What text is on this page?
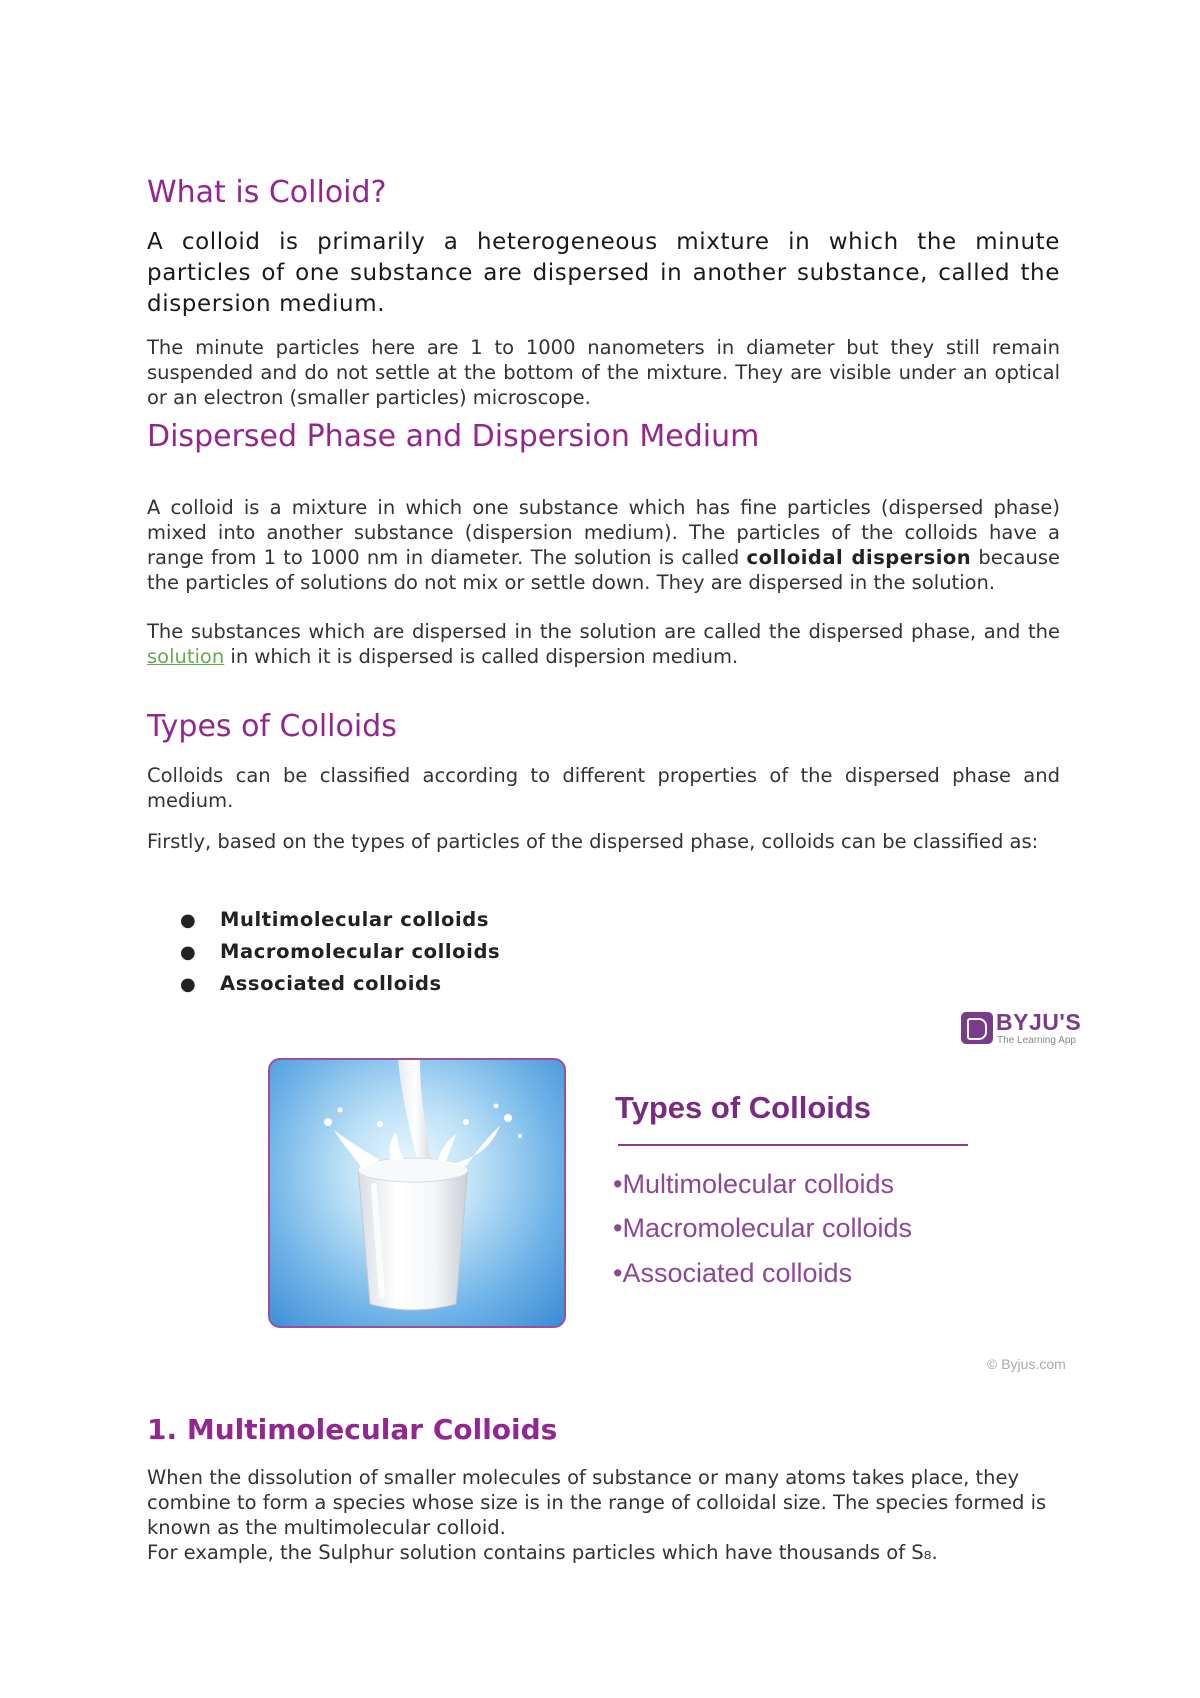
What is Colloid?

A colloid is primarily a heterogeneous mixture in which the minute particles of one substance are dispersed in another substance, called the dispersion medium.

The minute particles here are 1 to 1000 nanometers in diameter but they still remain suspended and do not settle at the bottom of the mixture. They are visible under an optical or an electron (smaller particles) microscope.

Dispersed Phase and Dispersion Medium

A colloid is a mixture in which one substance which has fine particles (dispersed phase) mixed into another substance (dispersion medium). The particles of the colloids have a range from 1 to 1000 nm in diameter. The solution is called colloidal dispersion because the particles of solutions do not mix or settle down. They are dispersed in the solution.

The substances which are dispersed in the solution are called the dispersed phase, and the solution in which it is dispersed is called dispersion medium.

Types of Colloids

Colloids can be classified according to different properties of the dispersed phase and medium.

Firstly, based on the types of particles of the dispersed phase, colloids can be classified as:

● Multimolecular colloids
● Macromolecular colloids
● Associated colloids
BYJU'S
The Learning App
Types of Colloids
•Multimolecular colloids
•Macromolecular colloids
•Associated colloids
© Byjus.com
1. Multimolecular Colloids

When the dissolution of smaller molecules of substance or many atoms takes place, they combine to form a species whose size is in the range of colloidal size. The species formed is known as the multimolecular colloid.

For example, the Sulphur solution contains particles which have thousands of S₈.
